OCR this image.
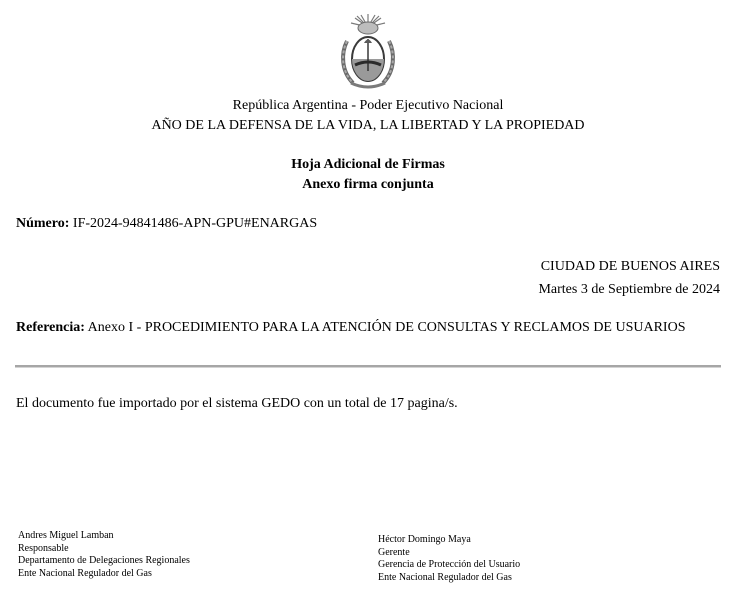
República Argentina - Poder Ejecutivo Nacional
AÑO DE LA DEFENSA DE LA VIDA, LA LIBERTAD Y LA PROPIEDAD
Hoja Adicional de Firmas
Anexo firma conjunta
Número: IF-2024-94841486-APN-GPU#ENARGAS
CIUDAD DE BUENOS AIRES
Martes 3 de Septiembre de 2024
Referencia: Anexo I - PROCEDIMIENTO PARA LA ATENCIÓN DE CONSULTAS Y RECLAMOS DE USUARIOS
El documento fue importado por el sistema GEDO con un total de 17 pagina/s.
Andres Miguel Lamban
Responsable
Departamento de Delegaciones Regionales
Ente Nacional Regulador del Gas
Héctor Domingo Maya
Gerente
Gerencia de Protección del Usuario
Ente Nacional Regulador del Gas
